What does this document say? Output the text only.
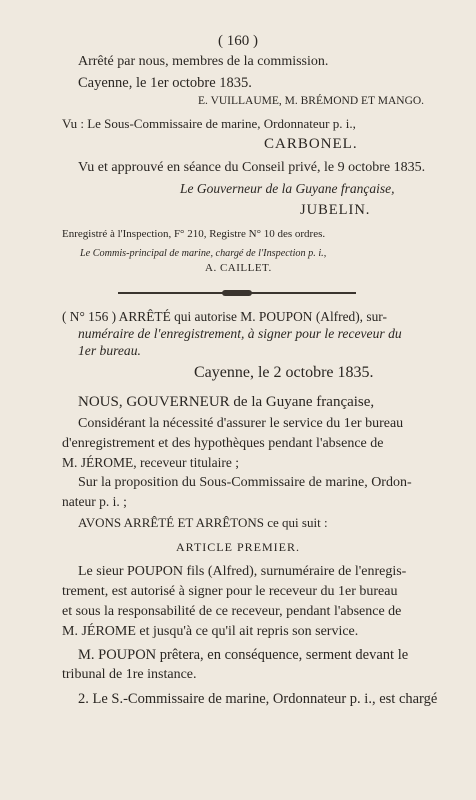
( 160 )
Arrêté par nous, membres de la commission.
Cayenne, le 1er octobre 1835.
E. VUILLAUME, M. BRÉMOND ET MANGO.
Vu : Le Sous-Commissaire de marine, Ordonnateur p. i.,
CARBONEL.
Vu et approuvé en séance du Conseil privé, le 9 octobre 1835.
Le Gouverneur de la Guyane française,
JUBELIN.
Enregistré à l'Inspection, F° 210, Registre N° 10 des ordres.
Le Commis-principal de marine, chargé de l'Inspection p. i.,
A. CAILLET.
( N° 156 ) ARRÊTÉ qui autorise M. POUPON (Alfred), sur-
numéraire de l'enregistrement, à signer pour le receveur du
1er bureau.
Cayenne, le 2 octobre 1835.
NOUS, GOUVERNEUR de la Guyane française,
Considérant la nécessité d'assurer le service du 1er bureau
d'enregistrement et des hypothèques pendant l'absence de
M. JÉROME, receveur titulaire ;
Sur la proposition du Sous-Commissaire de marine, Ordon-
nateur p. i. ;
AVONS ARRÊTÉ ET ARRÊTONS ce qui suit :
ARTICLE PREMIER.
Le sieur POUPON fils (Alfred), surnuméraire de l'enregis-
trement, est autorisé à signer pour le receveur du 1er bureau
et sous la responsabilité de ce receveur, pendant l'absence de
M. JÉROME et jusqu'à ce qu'il ait repris son service.
M. POUPON prêtera, en conséquence, serment devant le
tribunal de 1re instance.
2. Le S.-Commissaire de marine, Ordonnateur p. i., est chargé
